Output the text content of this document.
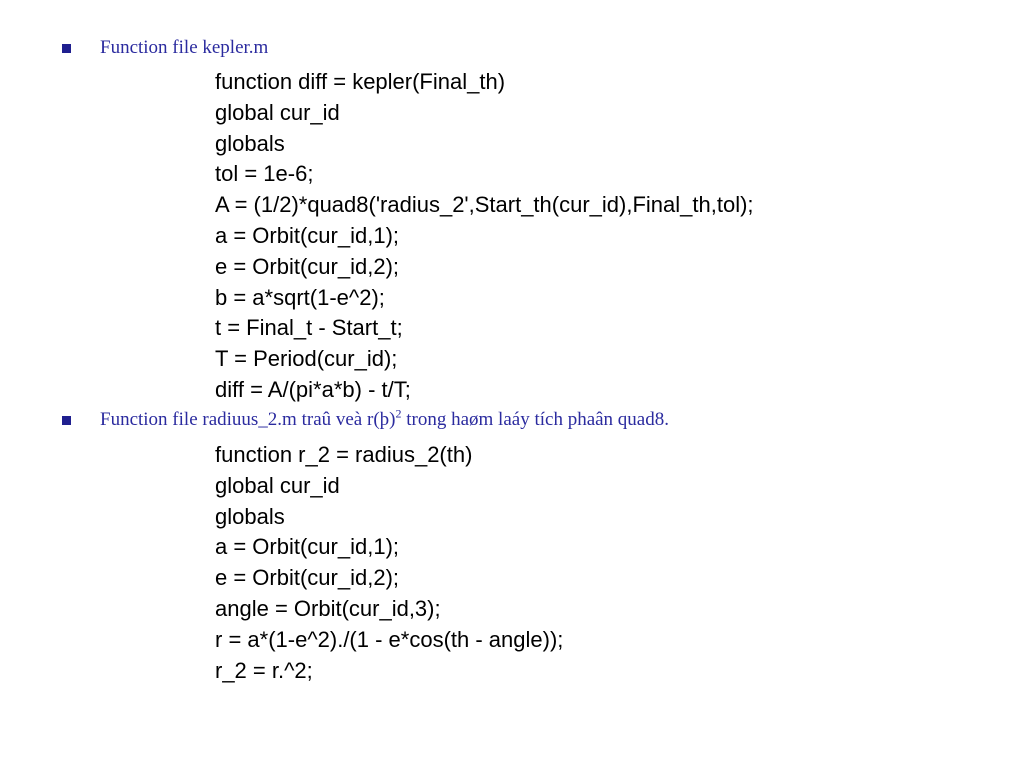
Function file kepler.m
function diff = kepler(Final_th)
global cur_id
globals
tol = 1e-6;
A = (1/2)*quad8('radius_2',Start_th(cur_id),Final_th,tol);
a = Orbit(cur_id,1);
e = Orbit(cur_id,2);
b = a*sqrt(1-e^2);
t = Final_t - Start_t;
T = Period(cur_id);
diff = A/(pi*a*b) - t/T;
Function file radiuus_2.m traû veà r(þ)$^2$ trong haøm laáy tích phaân quad8.
function r_2 = radius_2(th)
global cur_id
globals
a = Orbit(cur_id,1);
e = Orbit(cur_id,2);
angle = Orbit(cur_id,3);
r = a*(1-e^2)./(1 - e*cos(th - angle));
r_2 = r.^2;
